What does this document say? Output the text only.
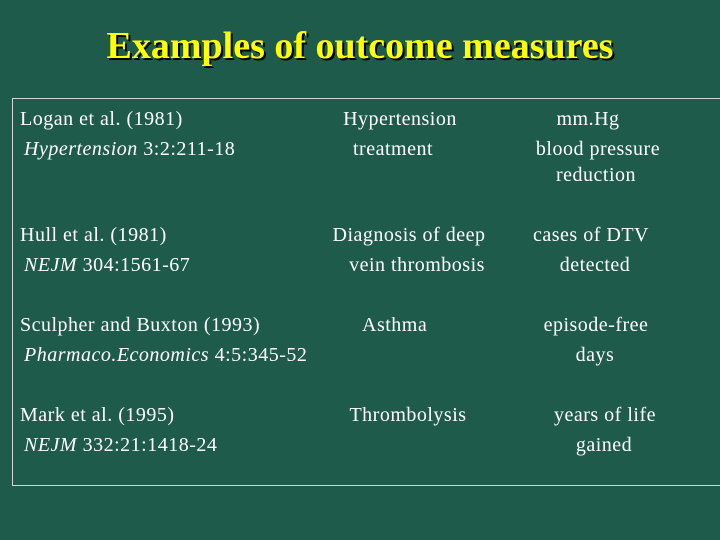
Examples of outcome measures
Logan et al. (1981)
Hypertension 3:2:211-18
Hypertension
treatment
mm.Hg
blood pressure
reduction
Hull et al. (1981)
NEJM 304:1561-67
Diagnosis of deep
vein thrombosis
cases of DTV
detected
Sculpher and Buxton (1993)
Pharmaco.Economics 4:5:345-52
Asthma	episode-free
days
Mark et al. (1995)
NEJM 332:21:1418-24
Thrombolysis	years of life
gained
